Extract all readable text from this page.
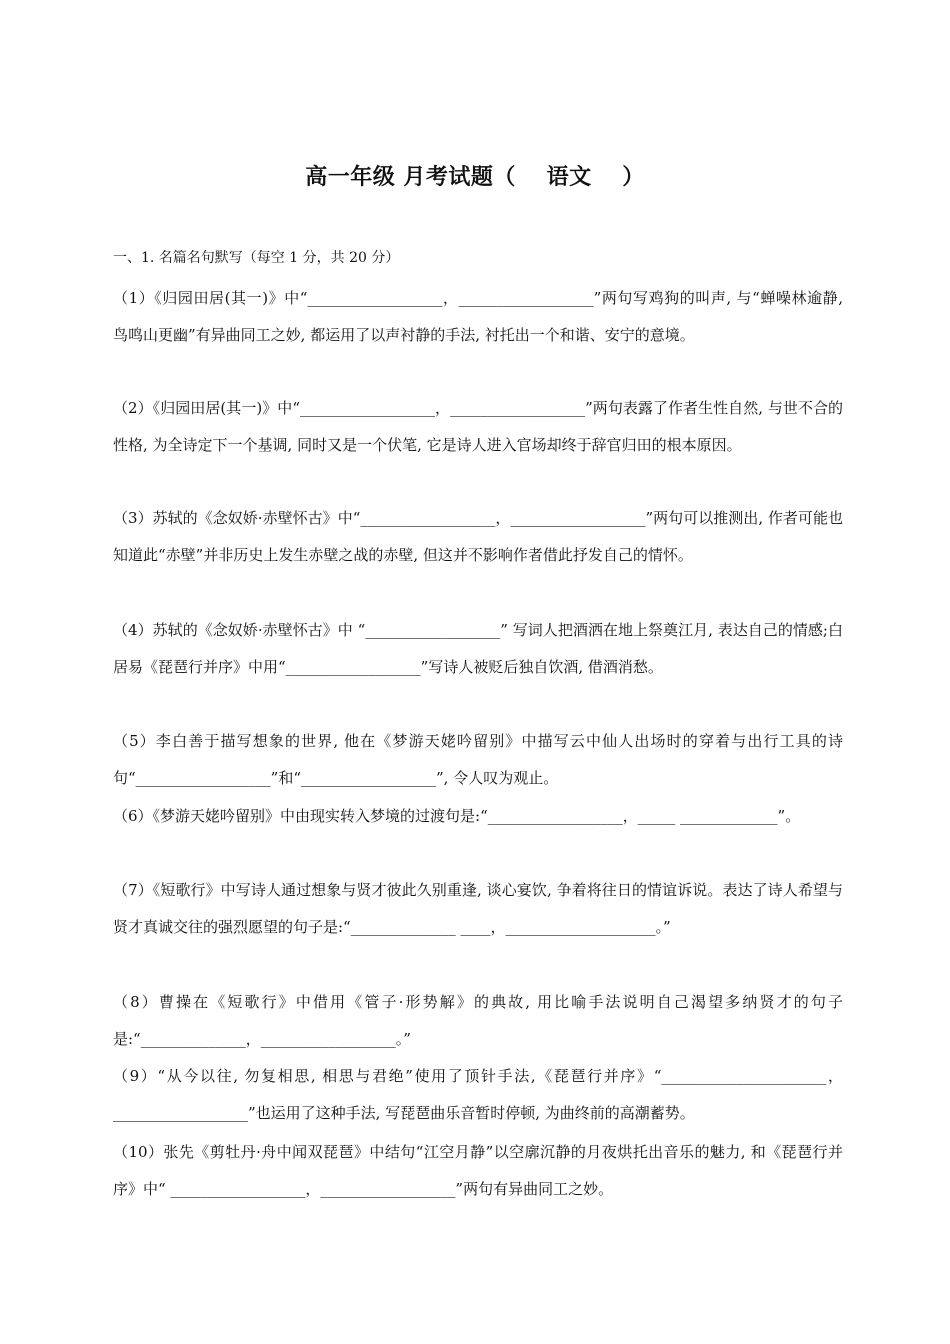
高一年级 月考试题（　 语文　 ）
一、1. 名篇名句默写（每空 1 分，共 20 分）

（1）《归园田居(其一)》中“__________________，__________________”两句写鸡狗的叫声, 与“蝉噪林逾静, 鸟鸣山更幽”有异曲同工之妙, 都运用了以声衬静的手法, 衬托出一个和谐、安宁的意境。

（2）《归园田居(其一)》中“__________________，__________________”两句表露了作者生性自然, 与世不合的性格, 为全诗定下一个基调, 同时又是一个伏笔, 它是诗人进入官场却终于辞官归田的根本原因。

（3）苏轼的《念奴娇·赤壁怀古》中“__________________，__________________”两句可以推测出, 作者可能也知道此“赤壁”并非历史上发生赤壁之战的赤壁, 但这并不影响作者借此抒发自己的情怀。

（4）苏轼的《念奴娇·赤壁怀古》中 “__________________” 写词人把酒洒在地上祭奠江月, 表达自己的情感;白居易《琵琶行并序》中用“__________________”写诗人被贬后独自饮酒, 借酒消愁。

（5）李白善于描写想象的世界, 他在《梦游天姥吟留别》中描写云中仙人出场时的穿着与出行工具的诗句“__________________”和“__________________”, 令人叹为观止。

（6）《梦游天姥吟留别》中由现实转入梦境的过渡句是:“__________________，_____ _____________”。

（7）《短歌行》中写诗人通过想象与贤才彼此久别重逢, 谈心宴饮, 争着将往日的情谊诉说。表达了诗人希望与贤才真诚交往的强烈愿望的句子是:“______________ ____，____________________。”

（8）曹操在《短歌行》中借用《管子·形势解》的典故, 用比喻手法说明自己渴望多纳贤才的句子是:“______________，__________________。”

（9）“从今以往, 勿复相思, 相思与君绝”使用了顶针手法,《琵琶行并序》“______________________，__________________”也运用了这种手法, 写琵琶曲乐音暂时停顿, 为曲终前的高潮蓄势。

（10）张先《剪牡丹·舟中闻双琵琶》中结句“江空月静”以空廓沉静的月夜烘托出音乐的魅力, 和《琵琶行并序》中“ __________________，__________________”两句有异曲同工之妙。
